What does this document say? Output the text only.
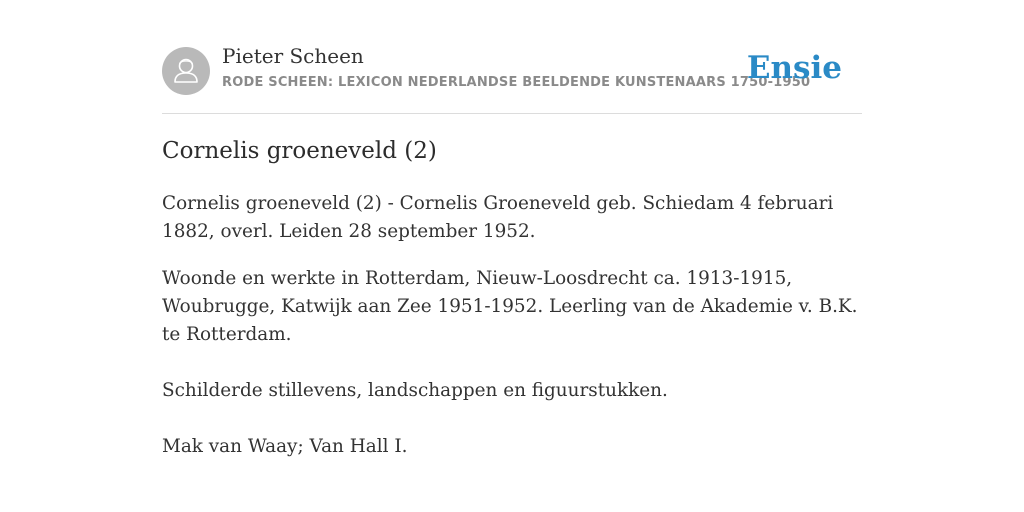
Pieter Scheen
RODE SCHEEN: LEXICON NEDERLANDSE BEELDENDE KUNSTENAARS 1750-1950
Ensie
Cornelis groeneveld (2)

Cornelis groeneveld (2) - Cornelis Groeneveld geb. Schiedam 4 februari 1882, overl. Leiden 28 september 1952.

Woonde en werkte in Rotterdam, Nieuw-Loosdrecht ca. 1913-1915, Woubrugge, Katwijk aan Zee 1951-1952. Leerling van de Akademie v. B.K. te Rotterdam.

Schilderde stillevens, landschappen en figuurstukken.

Mak van Waay; Van Hall I.
